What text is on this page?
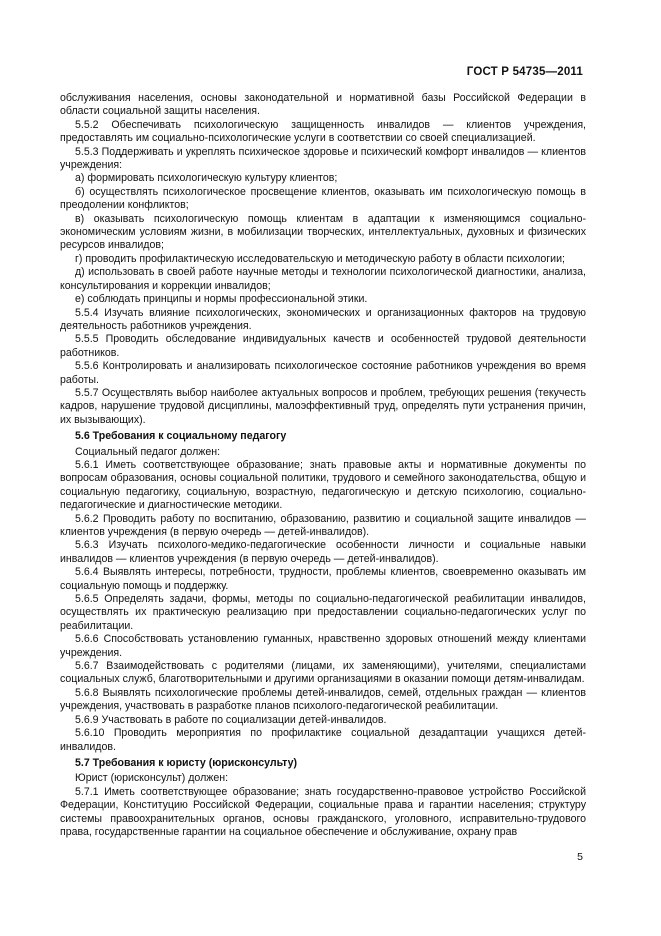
ГОСТ Р 54735—2011

обслуживания населения, основы законодательной и нормативной базы Российской Федерации в области социальной защиты населения.

5.5.2 Обеспечивать психологическую защищенность инвалидов — клиентов учреждения, предоставлять им социально-психологические услуги в соответствии со своей специализацией.

5.5.3 Поддерживать и укреплять психическое здоровье и психический комфорт инвалидов — клиентов учреждения:

а) формировать психологическую культуру клиентов;

б) осуществлять психологическое просвещение клиентов, оказывать им психологическую помощь в преодолении конфликтов;

в) оказывать психологическую помощь клиентам в адаптации к изменяющимся социально-экономическим условиям жизни, в мобилизации творческих, интеллектуальных, духовных и физических ресурсов инвалидов;

г) проводить профилактическую исследовательскую и методическую работу в области психологии;

д) использовать в своей работе научные методы и технологии психологической диагностики, анализа, консультирования и коррекции инвалидов;

е) соблюдать принципы и нормы профессиональной этики.

5.5.4 Изучать влияние психологических, экономических и организационных факторов на трудовую деятельность работников учреждения.

5.5.5 Проводить обследование индивидуальных качеств и особенностей трудовой деятельности работников.

5.5.6 Контролировать и анализировать психологическое состояние работников учреждения во время работы.

5.5.7 Осуществлять выбор наиболее актуальных вопросов и проблем, требующих решения (текучесть кадров, нарушение трудовой дисциплины, малоэффективный труд, определять пути устранения причин, их вызывающих).

5.6 Требования к социальному педагогу

Социальный педагог должен:

5.6.1 Иметь соответствующее образование; знать правовые акты и нормативные документы по вопросам образования, основы социальной политики, трудового и семейного законодательства, общую и социальную педагогику, социальную, возрастную, педагогическую и детскую психологию, социально-педагогические и диагностические методики.

5.6.2 Проводить работу по воспитанию, образованию, развитию и социальной защите инвалидов — клиентов учреждения (в первую очередь — детей-инвалидов).

5.6.3 Изучать психолого-медико-педагогические особенности личности и социальные навыки инвалидов — клиентов учреждения (в первую очередь — детей-инвалидов).

5.6.4 Выявлять интересы, потребности, трудности, проблемы клиентов, своевременно оказывать им социальную помощь и поддержку.

5.6.5 Определять задачи, формы, методы по социально-педагогической реабилитации инвалидов, осуществлять их практическую реализацию при предоставлении социально-педагогических услуг по реабилитации.

5.6.6 Способствовать установлению гуманных, нравственно здоровых отношений между клиентами учреждения.

5.6.7 Взаимодействовать с родителями (лицами, их заменяющими), учителями, специалистами социальных служб, благотворительными и другими организациями в оказании помощи детям-инвалидам.

5.6.8 Выявлять психологические проблемы детей-инвалидов, семей, отдельных граждан — клиентов учреждения, участвовать в разработке планов психолого-педагогической реабилитации.

5.6.9 Участвовать в работе по социализации детей-инвалидов.

5.6.10 Проводить мероприятия по профилактике социальной дезадаптации учащихся детей-инвалидов.

5.7 Требования к юристу (юрисконсульту)

Юрист (юрисконсульт) должен:

5.7.1 Иметь соответствующее образование; знать государственно-правовое устройство Российской Федерации, Конституцию Российской Федерации, социальные права и гарантии населения; структуру системы правоохранительных органов, основы гражданского, уголовного, исправительно-трудового права, государственные гарантии на социальное обеспечение и обслуживание, охрану прав

5
